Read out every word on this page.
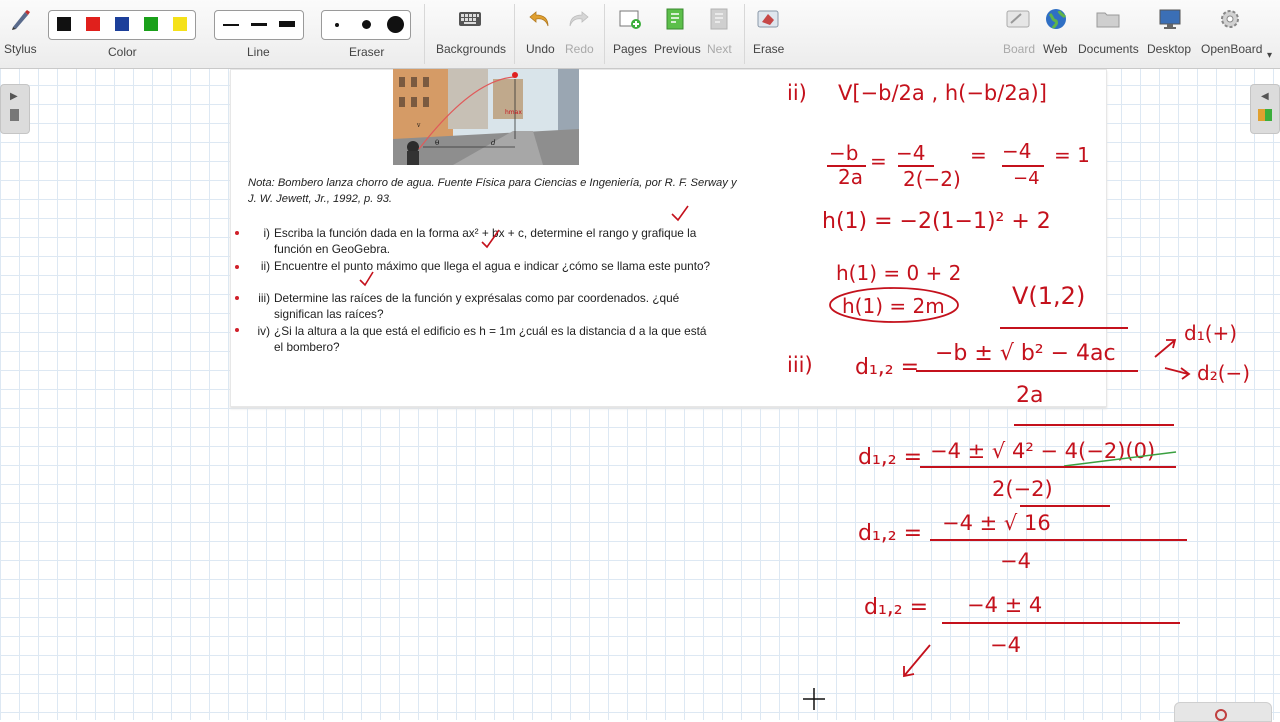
Stylus	Color	Line	Eraser	Backgrounds Undo Redo Pages Previous Next Erase	Board Web Documents Desktop OpenBoard ▾
▶	◀
θ	d
v
hmax
Nota: Bombero lanza chorro de agua. Fuente Física para Ciencias e Ingeniería, por R. F. Serway y J. W. Jewett, Jr., 1992, p. 93.
i) Escriba la función dada en la forma ax² + bx + c, determine el rango y grafique la función en GeoGebra.
ii) Encuentre el punto máximo que llega el agua e indicar ¿cómo se llama este punto?
iii) Determine las raíces de la función y exprésalas como par coordenados. ¿qué significan las raíces?
iv) ¿Si la altura a la que está el edificio es h = 1m ¿cuál es la distancia d a la que está el bombero?
ii) V[−b/2a , h(−b/2a)]
−b
2a
= −4
2(−2)
= −4
−4
= 1
h(1) = −2(1−1)² + 2
h(1) = 0 + 2
h(1) = 2m	V(1,2)
iii) d₁,₂ =
−b ± √ b² − 4ac
2a
d₁(+)
d₂(−)
d₁,₂ = −4 ± √ 4² − 4(−2)(0)
2(−2)
d₁,₂ = −4 ± √ 16
−4
d₁,₂ = −4 ± 4
−4
